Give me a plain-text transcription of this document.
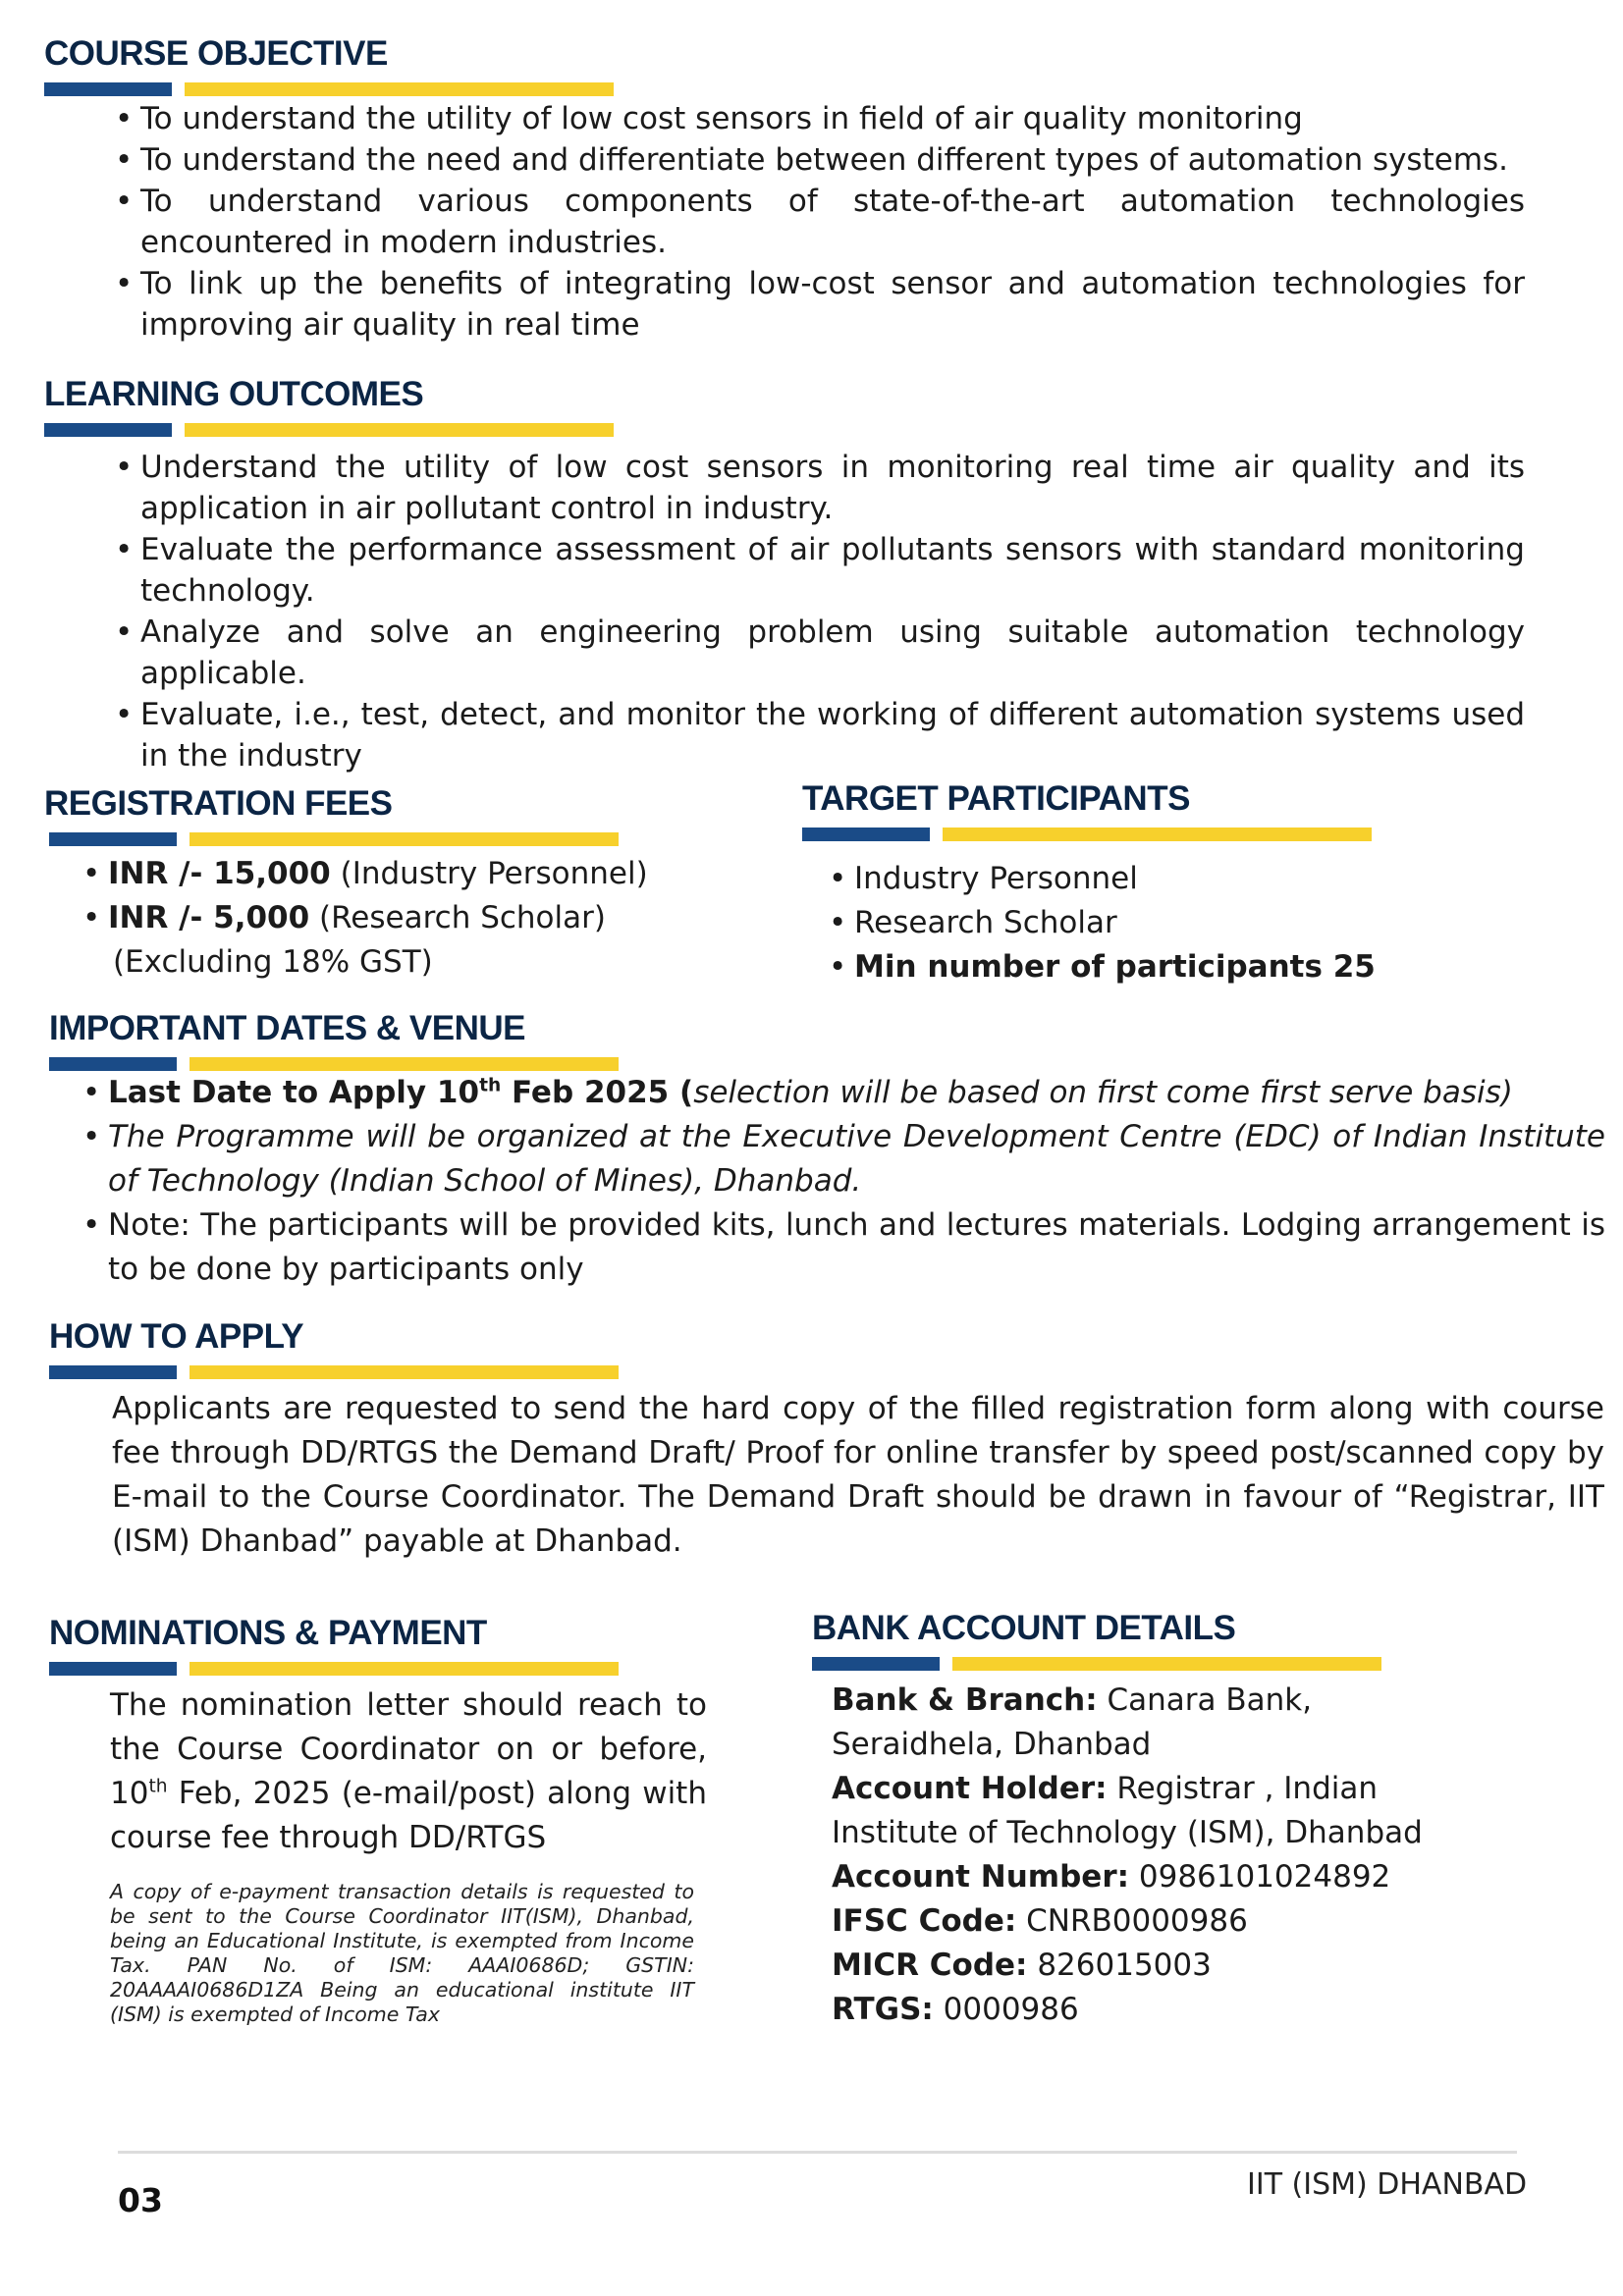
COURSE OBJECTIVE
• To understand the utility of low cost sensors in field of air quality monitoring
• To understand the need and differentiate between different types of automation systems.
• To understand various components of state-of-the-art automation technologies encountered in modern industries.
• To link up the benefits of integrating low-cost sensor and automation technologies for improving air quality in real time
LEARNING OUTCOMES
• Understand the utility of low cost sensors in monitoring real time air quality and its application in air pollutant control in industry.
• Evaluate the performance assessment of air pollutants sensors with standard monitoring technology.
• Analyze and solve an engineering problem using suitable automation technology applicable.
• Evaluate, i.e., test, detect, and monitor the working of different automation systems used in the industry
REGISTRATION FEES
• INR /- 15,000 (Industry Personnel)
• INR /- 5,000 (Research Scholar)
(Excluding 18% GST)
TARGET PARTICIPANTS
• Industry Personnel
• Research Scholar
• Min number of participants 25
IMPORTANT DATES & VENUE
• Last Date to Apply 10th Feb 2025 (selection will be based on first come first serve basis)
• The Programme will be organized at the Executive Development Centre (EDC) of Indian Institute of Technology (Indian School of Mines), Dhanbad.
• Note: The participants will be provided kits, lunch and lectures materials. Lodging arrangement is to be done by participants only
HOW TO APPLY

Applicants are requested to send the hard copy of the filled registration form along with course fee through DD/RTGS the Demand Draft/ Proof for online transfer by speed post/scanned copy by E-mail to the Course Coordinator. The Demand Draft should be drawn in favour of “Registrar, IIT (ISM) Dhanbad” payable at Dhanbad.

NOMINATIONS & PAYMENT

The nomination letter should reach to the Course Coordinator on or before, 10th Feb, 2025 (e-mail/post) along with course fee through DD/RTGS

A copy of e-payment transaction details is requested to be sent to the Course Coordinator IIT(ISM), Dhanbad, being an Educational Institute, is exempted from Income Tax. PAN No. of ISM: AAAI0686D; GSTIN: 20AAAAI0686D1ZA Being an educational institute IIT (ISM) is exempted of Income Tax

BANK ACCOUNT DETAILS
Bank & Branch: Canara Bank, Seraidhela, Dhanbad
Account Holder: Registrar , Indian Institute of Technology (ISM), Dhanbad
Account Number: 0986101024892
IFSC Code: CNRB0000986
MICR Code: 826015003
RTGS: 0000986
03	IIT (ISM) DHANBAD
